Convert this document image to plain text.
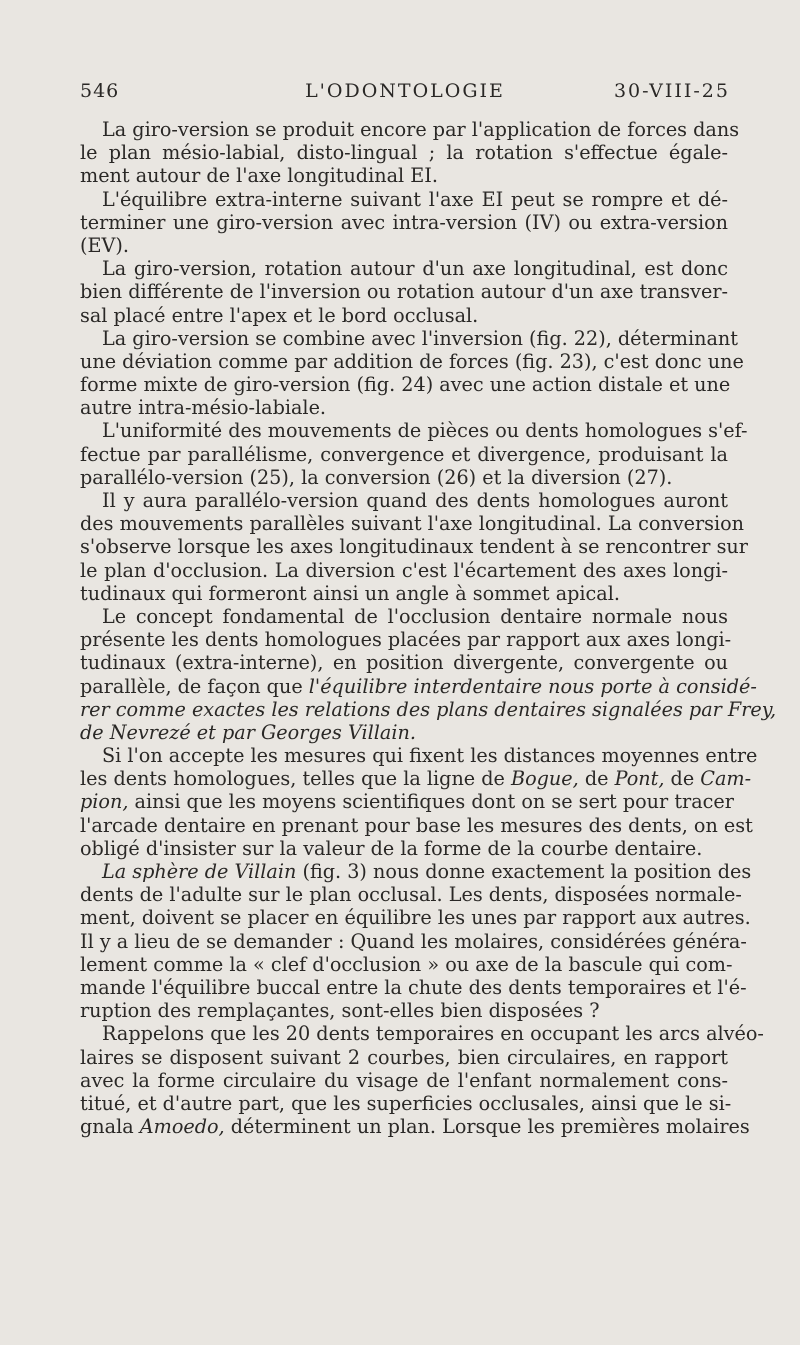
546	L'ODONTOLOGIE	30-VIII-25
La giro-version se produit encore par l'application de forces dans
le plan mésio-labial, disto-lingual ; la rotation s'effectue égale-
ment autour de l'axe longitudinal EI.
L'équilibre extra-interne suivant l'axe EI peut se rompre et dé-
terminer une giro-version avec intra-version (IV) ou extra-version
(EV).
La giro-version, rotation autour d'un axe longitudinal, est donc
bien différente de l'inversion ou rotation autour d'un axe transver-
sal placé entre l'apex et le bord occlusal.
La giro-version se combine avec l'inversion (fig. 22), déterminant
une déviation comme par addition de forces (fig. 23), c'est donc une
forme mixte de giro-version (fig. 24) avec une action distale et une
autre intra-mésio-labiale.
L'uniformité des mouvements de pièces ou dents homologues s'ef-
fectue par parallélisme, convergence et divergence, produisant la
parallélo-version (25), la conversion (26) et la diversion (27).
Il y aura parallélo-version quand des dents homologues auront
des mouvements parallèles suivant l'axe longitudinal. La conversion
s'observe lorsque les axes longitudinaux tendent à se rencontrer sur
le plan d'occlusion. La diversion c'est l'écartement des axes longi-
tudinaux qui formeront ainsi un angle à sommet apical.
Le concept fondamental de l'occlusion dentaire normale nous
présente les dents homologues placées par rapport aux axes longi-
tudinaux (extra-interne), en position divergente, convergente ou
parallèle, de façon que l'équilibre interdentaire nous porte à considé-
rer comme exactes les relations des plans dentaires signalées par Frey,
de Nevrezé et par Georges Villain.
Si l'on accepte les mesures qui fixent les distances moyennes entre
les dents homologues, telles que la ligne de Bogue, de Pont, de Cam-
pion, ainsi que les moyens scientifiques dont on se sert pour tracer
l'arcade dentaire en prenant pour base les mesures des dents, on est
obligé d'insister sur la valeur de la forme de la courbe dentaire.
La sphère de Villain (fig. 3) nous donne exactement la position des
dents de l'adulte sur le plan occlusal. Les dents, disposées normale-
ment, doivent se placer en équilibre les unes par rapport aux autres.
Il y a lieu de se demander : Quand les molaires, considérées généra-
lement comme la « clef d'occlusion » ou axe de la bascule qui com-
mande l'équilibre buccal entre la chute des dents temporaires et l'é-
ruption des remplaçantes, sont-elles bien disposées ?
Rappelons que les 20 dents temporaires en occupant les arcs alvéo-
laires se disposent suivant 2 courbes, bien circulaires, en rapport
avec la forme circulaire du visage de l'enfant normalement cons-
titué, et d'autre part, que les superficies occlusales, ainsi que le si-
gnala Amoedo, déterminent un plan. Lorsque les premières molaires
